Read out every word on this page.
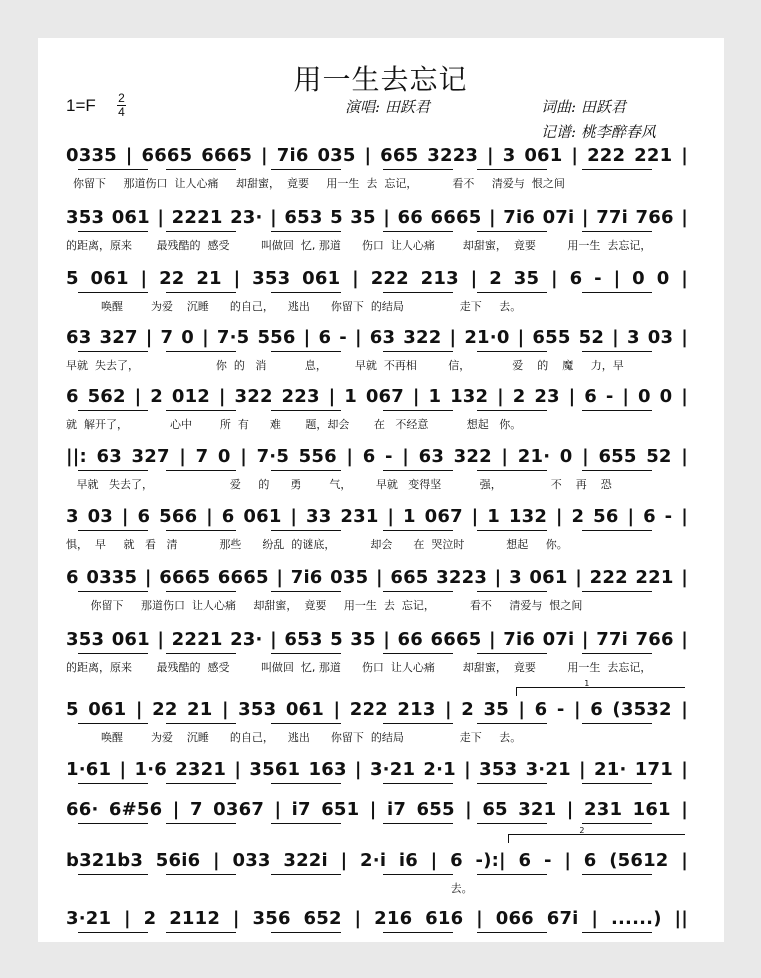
用一生去忘记
1=F 2
4	演唱: 田跃君	词曲: 田跃君
记谱: 桃李醉春风
0335 | 6665 6665 | 7i6 035 | 665 3223 | 3 061 | 222 221 |
你留下     那道伤口  让人心痛     却甜蜜，  竟要     用一生  去  忘记，          看不     清爱与  恨之间
353 061 | 2221 23· | 653 5 35 | 66 6665 | 7i6 07i | 77i 766 |
的距离，原来       最残酷的  感受         叫做回  忆, 那道      伤口  让人心痛        却甜蜜，  竟要         用一生  去忘记，
5 061 | 22 21 | 353 061 | 222 213 | 2 35 | 6 - | 0 0 |
唤醒        为爱    沉睡      的自己，    逃出      你留下  的结局                走下     去。
63 327 | 7 0 | 7·5 556 | 6 - | 63 322 | 21·0 | 655 52 | 3 03 |
早就  失去了，                      你  的   消           息，        早就  不再相         信，            爱    的    魔     力，早
6 562 | 2 012 | 322 223 | 1 067 | 1 132 | 2 23 | 6 - | 0 0 |
就  解开了，            心中        所  有      难       题，却会       在   不经意           想起   你。
||: 63 327 | 7 0 | 7·5 556 | 6 - | 63 322 | 21· 0 | 655 52 |
早就   失去了，                      爱     的      勇        气，       早就   变得坚           强，              不    再    恐
3 03 | 6 566 | 6 061 | 33 231 | 1 067 | 1 132 | 2 56 | 6 - |
惧，  早     就   看   清            那些      纷乱  的谜底，          却会      在  哭泣时            想起     你。
6 0335 | 6665 6665 | 7i6 035 | 665 3223 | 3 061 | 222 221 |
你留下     那道伤口  让人心痛     却甜蜜，  竟要     用一生  去  忘记，          看不     清爱与  恨之间
353 061 | 2221 23· | 653 5 35 | 66 6665 | 7i6 07i | 77i 766 |
的距离，原来       最残酷的  感受         叫做回  忆, 那道      伤口  让人心痛        却甜蜜，  竟要         用一生  去忘记，
5 061 | 22 21 | 353 061 | 222 213 | 2 35 | 6 - | 6 (3532 |
唤醒        为爱    沉睡      的自己，    逃出      你留下  的结局                走下     去。
1·61 | 1·6 2321 | 3561 163 | 3·21 2·1 | 353 3·21 | 21· 171 |
66· 6#56 | 7 0367 | i7 651 | i7 655 | 65 321 | 231 161 |
b321b3 56i6 | 033 322i | 2·i i6 | 6 -):| 6 - | 6 (5612 |
去。
3·21 | 2 2112 | 356 652 | 216 616 | 066 67i | ......) ||
1
2
